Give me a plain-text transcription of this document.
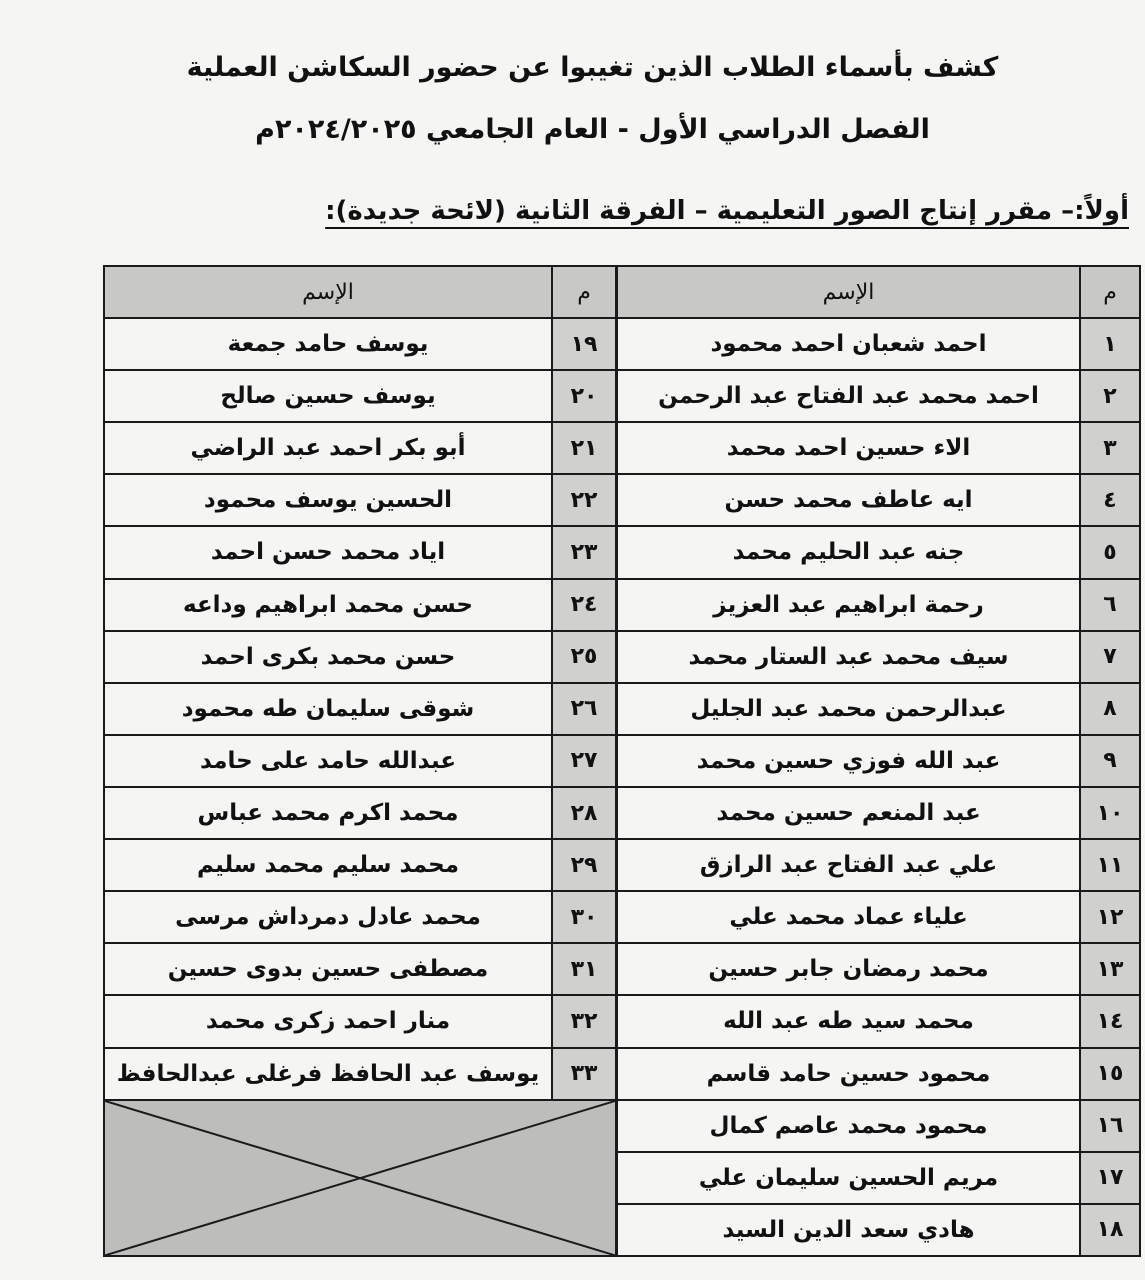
كشف بأسماء الطلاب الذين تغيبوا عن حضور السكاشن العملية
الفصل الدراسي الأول - العام الجامعي ٢٠٢٤/٢٠٢٥م
أولاً:– مقرر إنتاج الصور التعليمية – الفرقة الثانية (لائحة جديدة):
م	الإسم		م	الإسم
١	احمد شعبان احمد محمود		١٩	يوسف حامد جمعة
٢	احمد محمد عبد الفتاح عبد الرحمن		٢٠	يوسف حسين صالح
٣	الاء حسين احمد محمد		٢١	أبو بكر احمد عبد الراضي
٤	ايه عاطف محمد حسن		٢٢	الحسين يوسف محمود
٥	جنه عبد الحليم محمد		٢٣	اياد محمد حسن احمد
٦	رحمة ابراهيم عبد العزيز		٢٤	حسن محمد ابراهيم وداعه
٧	سيف محمد عبد الستار محمد		٢٥	حسن محمد بكرى احمد
٨	عبدالرحمن محمد عبد الجليل		٢٦	شوقى سليمان طه محمود
٩	عبد الله فوزي حسين محمد		٢٧	عبدالله حامد على حامد
١٠	عبد المنعم حسين محمد		٢٨	محمد اكرم محمد عباس
١١	علي عبد الفتاح عبد الرازق		٢٩	محمد سليم محمد سليم
١٢	علياء عماد محمد علي		٣٠	محمد عادل دمرداش مرسى
١٣	محمد رمضان جابر حسين		٣١	مصطفى حسين بدوى حسين
١٤	محمد سيد طه عبد الله		٣٢	منار احمد زكرى محمد
١٥	محمود حسين حامد قاسم		٣٣	يوسف عبد الحافظ فرغلى عبدالحافظ
١٦	محمود محمد عاصم كمال		

١٧	مريم الحسين سليمان علي		
١٨	هادي سعد الدين السيد		
